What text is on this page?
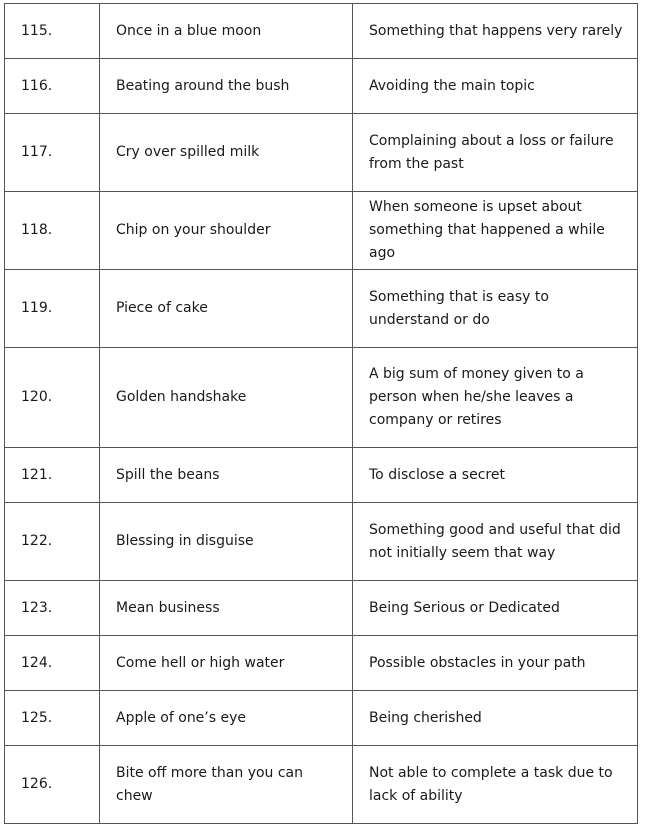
115.	Once in a blue moon	Something that happens very rarely
116.	Beating around the bush	Avoiding the main topic
117.	Cry over spilled milk	Complaining about a loss or failure from the past
118.	Chip on your shoulder	When someone is upset about something that happened a while ago
119.	Piece of cake	Something that is easy to understand or do
120.	Golden handshake	A big sum of money given to a person when he/she leaves a company or retires
121.	Spill the beans	To disclose a secret
122.	Blessing in disguise	Something good and useful that did not initially seem that way
123.	Mean business	Being Serious or Dedicated
124.	Come hell or high water	Possible obstacles in your path
125.	Apple of one’s eye	Being cherished
126.	Bite off more than you can chew	Not able to complete a task due to lack of ability
